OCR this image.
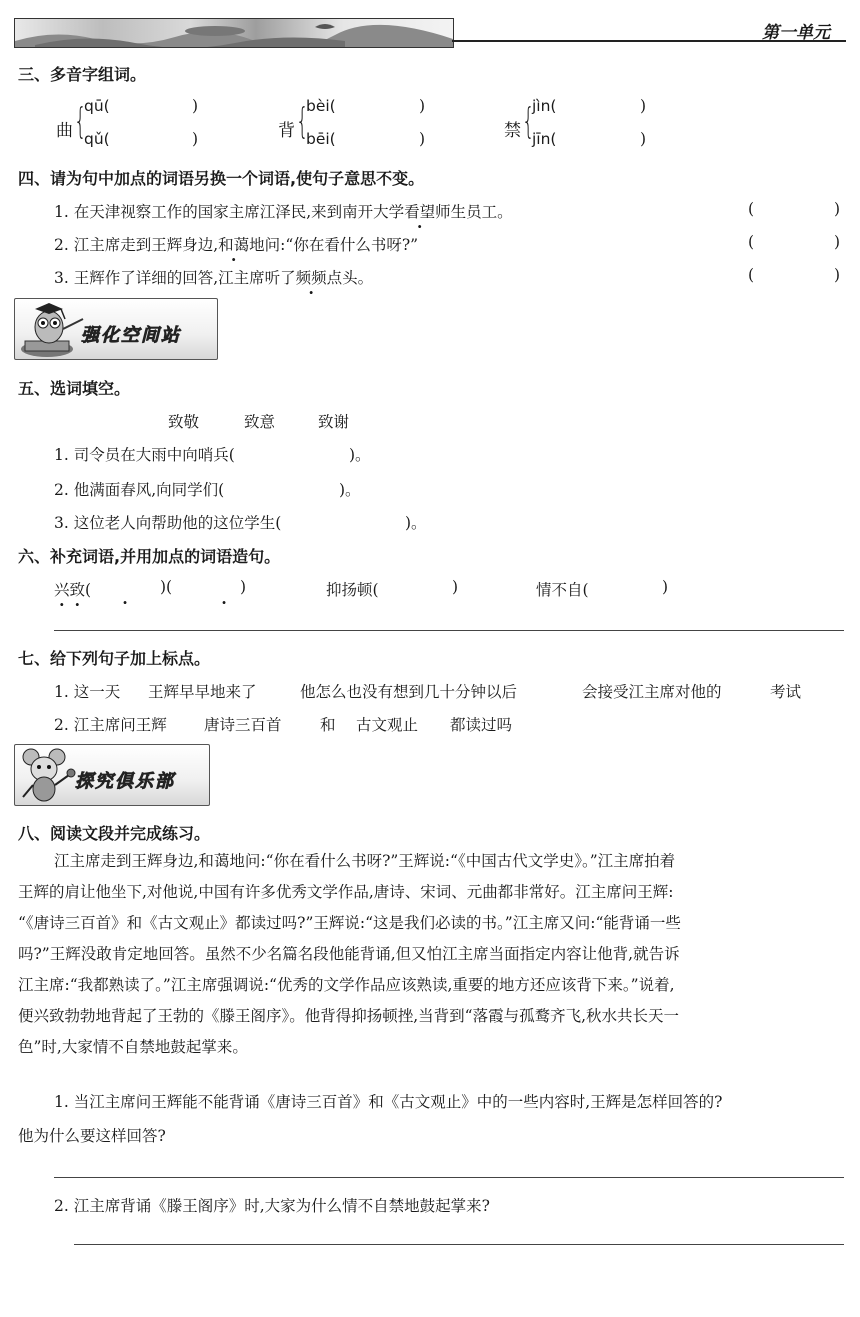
第一单元
三、多音字组词。
曲 {
qū(	)
qǔ(	)	背 {
bèi(	)
bēi(	)	禁 {
jìn(	)
jīn(	)
四、请为句中加点的词语另换一个词语,使句子意思不变。
1. 在天津视察工作的国家主席江泽民,来到南开大学看望师生员工。	(	)
2. 江主席走到王辉身边,和蔼地问:“你在看什么书呀?”	(	)
3. 王辉作了详细的回答,江主席听了频频点头。	(	)
强化空间站
五、选词填空。
致敬	致意	致谢
1. 司令员在大雨中向哨兵(	)。
2. 他满面春风,向同学们(	)。
3. 这位老人向帮助他的这位学生(	)。
六、补充词语,并用加点的词语造句。
兴致(	)( · ·	)	抑扬顿(	)	情不自(	)
七、给下列句子加上标点。
1. 这一天 王辉早早地来了	他怎么也没有想到几十分钟以后	会接受江主席对他的	考试
2. 江主席问王辉 唐诗三百首 和 古文观止 都读过吗
探究俱乐部
八、阅读文段并完成练习。
江主席走到王辉身边,和蔼地问:“你在看什么书呀?”王辉说:“《中国古代文学史》。”江主席拍着
王辉的肩让他坐下,对他说,中国有许多优秀文学作品,唐诗、宋词、元曲都非常好。江主席问王辉:
“《唐诗三百首》和《古文观止》都读过吗?”王辉说:“这是我们必读的书。”江主席又问:“能背诵一些
吗?”王辉没敢肯定地回答。虽然不少名篇名段他能背诵,但又怕江主席当面指定内容让他背,就告诉
江主席:“我都熟读了。”江主席强调说:“优秀的文学作品应该熟读,重要的地方还应该背下来。”说着,
便兴致勃勃地背起了王勃的《滕王阁序》。他背得抑扬顿挫,当背到“落霞与孤鹜齐飞,秋水共长天一
色”时,大家情不自禁地鼓起掌来。
1. 当江主席问王辉能不能背诵《唐诗三百首》和《古文观止》中的一些内容时,王辉是怎样回答的?
他为什么要这样回答?
2. 江主席背诵《滕王阁序》时,大家为什么情不自禁地鼓起掌来?
